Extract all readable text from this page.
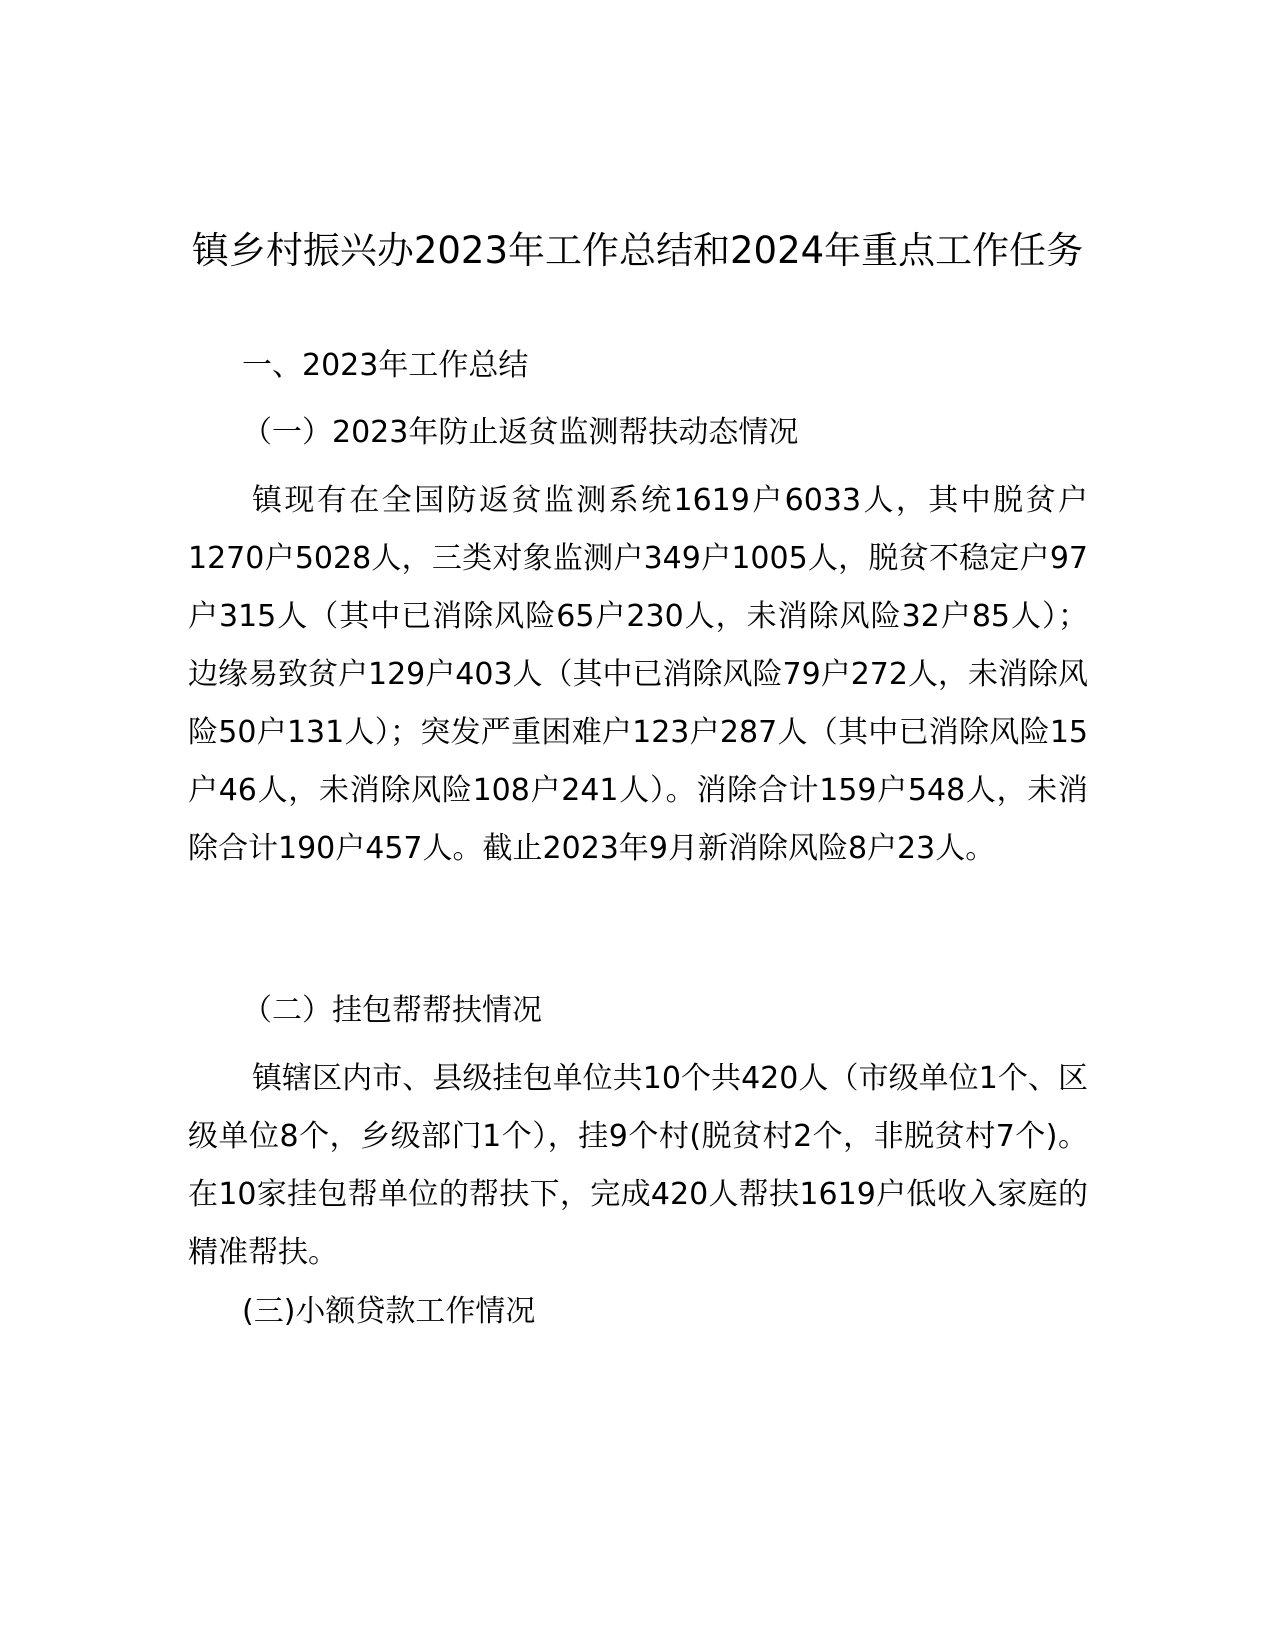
镇乡村振兴办2023年工作总结和2024年重点工作任务

一、2023年工作总结

（一）2023年防止返贫监测帮扶动态情况

镇现有在全国防返贫监测系统1619户6033人，其中脱贫户1270户5028人，三类对象监测户349户1005人，脱贫不稳定户97户315人（其中已消除风险65户230人，未消除风险32户85人）；边缘易致贫户129户403人（其中已消除风险79户272人，未消除风险50户131人）；突发严重困难户123户287人（其中已消除风险15户46人，未消除风险108户241人）。消除合计159户548人，未消除合计190户457人。截止2023年9月新消除风险8户23人。

（二）挂包帮帮扶情况

镇辖区内市、县级挂包单位共10个共420人（市级单位1个、区级单位8个，乡级部门1个），挂9个村(脱贫村2个，非脱贫村7个)。在10家挂包帮单位的帮扶下，完成420人帮扶1619户低收入家庭的精准帮扶。

(三)小额贷款工作情况
